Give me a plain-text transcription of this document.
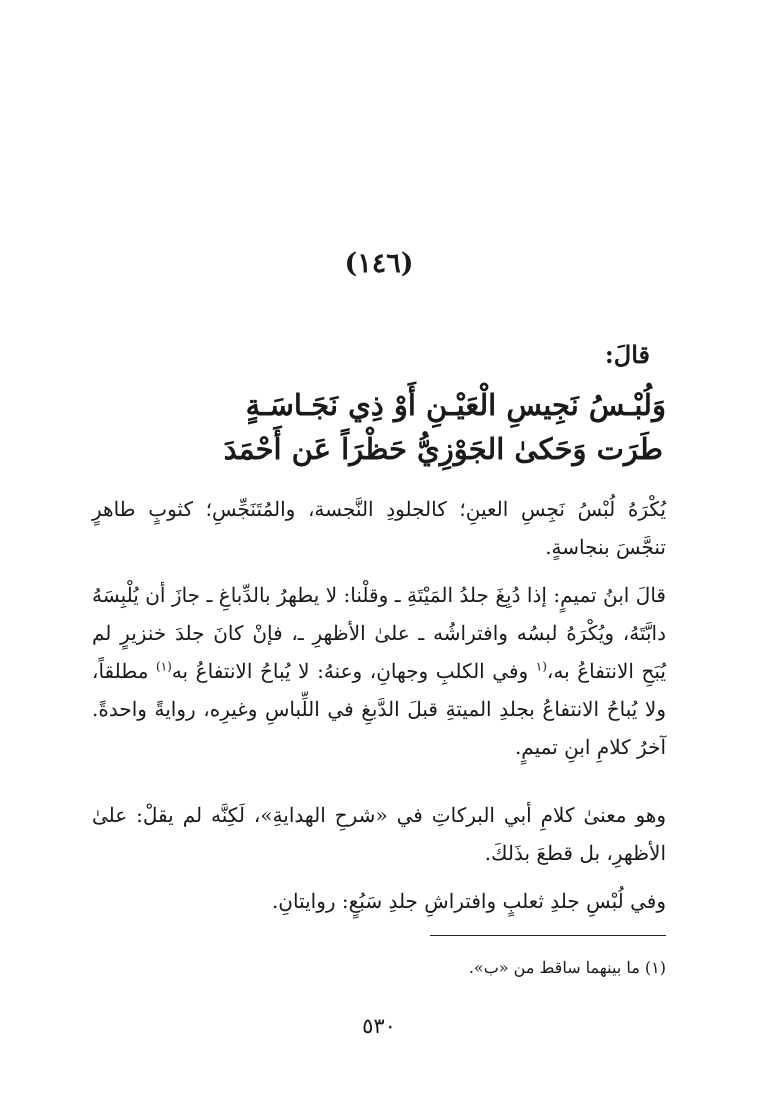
(١٤٦)
قالَ:
وَلُبْـسُ نَجِيسِ الْعَيْـنِ أَوْ ذِي نَجَـاسَـةٍ
طَرَت وَحَكىٰ الجَوْزِيُّ حَظْرَاً عَن أَحْمَدَ
يُكْرَهُ لُبْسُ نَجِسِ العينِ؛ كالجلودِ النَّجسة، والمُتَنَجِّسِ؛ كثوبٍ طاهرٍ تنجَّسَ بنجاسةٍ.
قالَ ابنُ تميمٍ: إذا دُبِغَ جلدُ المَيْتَةِ ـ وقلْنا: لا يطهرُ بالدِّباغِ ـ جازَ أن يُلْبِسَهُ دابَّتَهُ، ويُكْرَهُ لبسُه وافتراشُه ـ علىٰ الأظهرِ ـ، فإنْ كانَ جلدَ خنزيرٍ لم يُبَحِ الانتفاعُ به،$^{(١}$ وفي الكلبِ وجهانِ، وعنهُ: لا يُباحُ الانتفاعُ به$^{(١)}$ مطلقاً، ولا يُباحُ الانتفاعُ بجلدِ الميتةِ قبلَ الدَّبغِ في اللِّباسِ وغيرِه، روايةً واحدةً. آخرُ كلامِ ابنِ تميمٍ.
وهو معنىٰ كلامِ أبي البركاتِ في «شرحِ الهدايةِ»، لَكِنَّه لم يقلْ: علىٰ الأظهرِ، بل قطعَ بذَلكَ.
وفي لُبْسِ جلدِ ثعلبٍ وافتراشِ جلدِ سَبُعٍ: روايتانِ.
(١) ما بينهما ساقط من «ب».
٥٣٠
